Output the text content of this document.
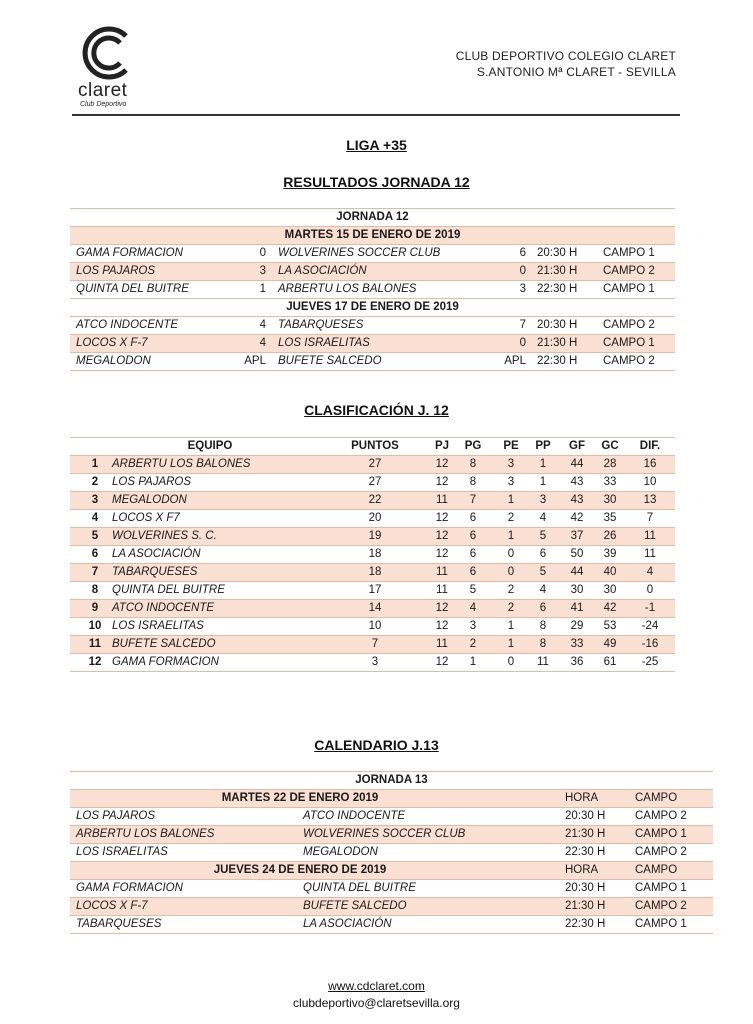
claret
Club Deportivo
CLUB DEPORTIVO COLEGIO CLARET
S.ANTONIO Mª CLARET - SEVILLA
LIGA +35
RESULTADOS JORNADA 12
JORNADA 12
MARTES 15 DE ENERO DE 2019
GAMA FORMACION	0 WOLVERINES SOCCER CLUB	6 20:30 H CAMPO 1
LOS PAJAROS	3 LA ASOCIACIÓN	0 21:30 H CAMPO 2
QUINTA DEL BUITRE	1 ARBERTU LOS BALONES	3 22:30 H CAMPO 1
JUEVES 17 DE ENERO DE 2019
ATCO INDOCENTE	4 TABARQUESES	7 20:30 H CAMPO 2
LOCOS X F-7	4 LOS ISRAELITAS	0 21:30 H CAMPO 1
MEGALODON	APL BUFETE SALCEDO	APL 22:30 H CAMPO 2
CLASIFICACIÓN J. 12
EQUIPO	PUNTOS	PJ	PG	PE	PP	GF	GC	DIF.
1	ARBERTU LOS BALONES	27	12	8	3	1	44	28	16
2	LOS PAJAROS	27	12	8	3	1	43	33	10
3	MEGALODON	22	11	7	1	3	43	30	13
4	LOCOS X F7	20	12	6	2	4	42	35	7
5	WOLVERINES S. C.	19	12	6	1	5	37	26	11
6	LA ASOCIACIÓN	18	12	6	0	6	50	39	11
7	TABARQUESES	18	11	6	0	5	44	40	4
8	QUINTA DEL BUITRE	17	11	5	2	4	30	30	0
9	ATCO INDOCENTE	14	12	4	2	6	41	42	-1
10 LOS ISRAELITAS	10	12	3	1	8	29	53	-24
11 BUFETE SALCEDO	7	11	2	1	8	33	49	-16
12 GAMA FORMACION	3	12	1	0	11	36	61	-25
CALENDARIO J.13
JORNADA 13
MARTES 22 DE ENERO 2019	HORA	CAMPO
LOS PAJAROS	ATCO INDOCENTE	20:30 H	CAMPO 2
ARBERTU LOS BALONES	WOLVERINES SOCCER CLUB	21:30 H	CAMPO 1
LOS ISRAELITAS	MEGALODON	22:30 H	CAMPO 2
JUEVES 24 DE ENERO DE 2019	HORA	CAMPO
GAMA FORMACION	QUINTA DEL BUITRE	20:30 H	CAMPO 1
LOCOS X F-7	BUFETE SALCEDO	21:30 H	CAMPO 2
TABARQUESES	LA ASOCIACIÓN	22:30 H	CAMPO 1
www.cdclaret.com
clubdeportivo@claretsevilla.org
